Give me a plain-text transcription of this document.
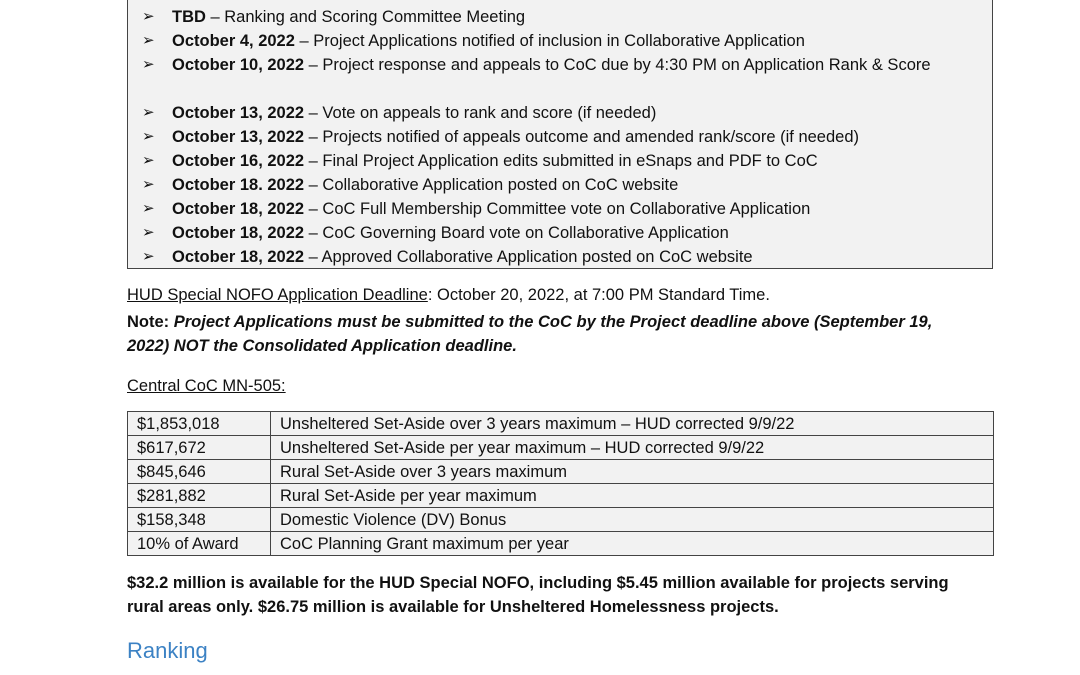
➢ TBD – Ranking and Scoring Committee Meeting
➢ October 4, 2022 – Project Applications notified of inclusion in Collaborative Application
➢ October 10, 2022 – Project response and appeals to CoC due by 4:30 PM on Application Rank & Score
➢ October 13, 2022 – Vote on appeals to rank and score (if needed)
➢ October 13, 2022 – Projects notified of appeals outcome and amended rank/score (if needed)
➢ October 16, 2022 – Final Project Application edits submitted in eSnaps and PDF to CoC
➢ October 18. 2022 – Collaborative Application posted on CoC website
➢ October 18, 2022 – CoC Full Membership Committee vote on Collaborative Application
➢ October 18, 2022 – CoC Governing Board vote on Collaborative Application
➢ October 18, 2022 – Approved Collaborative Application posted on CoC website
HUD Special NOFO Application Deadline: October 20, 2022, at 7:00 PM Standard Time.
Note: Project Applications must be submitted to the CoC by the Project deadline above (September 19, 2022) NOT the Consolidated Application deadline.
Central CoC MN-505:
$1,853,018	Unsheltered Set-Aside over 3 years maximum – HUD corrected 9/9/22
$617,672	Unsheltered Set-Aside per year maximum – HUD corrected 9/9/22
$845,646	Rural Set-Aside over 3 years maximum
$281,882	Rural Set-Aside per year maximum
$158,348	Domestic Violence (DV) Bonus
10% of Award	CoC Planning Grant maximum per year
$32.2 million is available for the HUD Special NOFO, including $5.45 million available for projects serving rural areas only. $26.75 million is available for Unsheltered Homelessness projects.
Ranking
